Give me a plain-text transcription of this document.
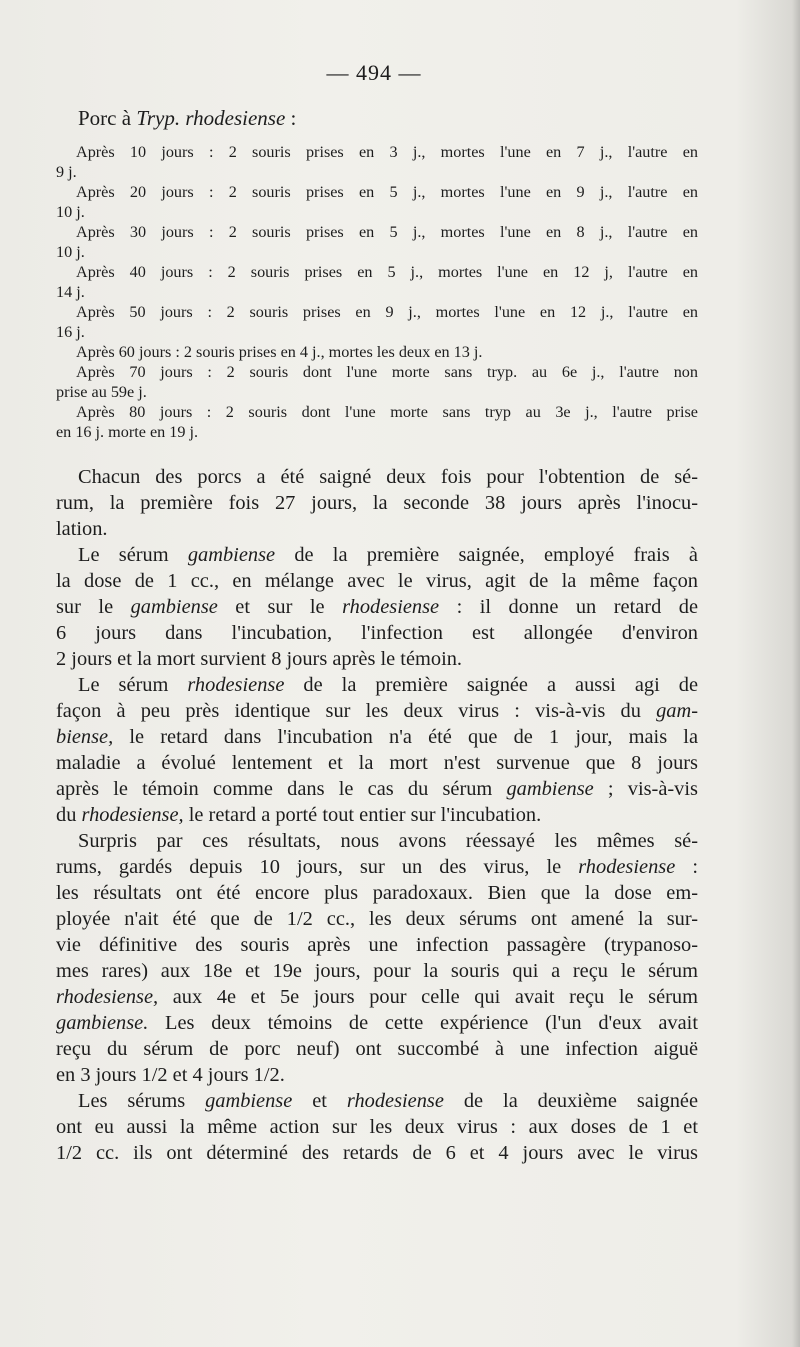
— 494 —
Porc à Tryp. rhodesiense :
Après 10 jours : 2 souris prises en 3 j., mortes l'une en 7 j., l'autre en
9 j.
Après 20 jours : 2 souris prises en 5 j., mortes l'une en 9 j., l'autre en
10 j.
Après 30 jours : 2 souris prises en 5 j., mortes l'une en 8 j., l'autre en
10 j.
Après 40 jours : 2 souris prises en 5 j., mortes l'une en 12 j, l'autre en
14 j.
Après 50 jours : 2 souris prises en 9 j., mortes l'une en 12 j., l'autre en
16 j.
Après 60 jours : 2 souris prises en 4 j., mortes les deux en 13 j.
Après 70 jours : 2 souris dont l'une morte sans tryp. au 6e j., l'autre non
prise au 59e j.
Après 80 jours : 2 souris dont l'une morte sans tryp au 3e j., l'autre prise
en 16 j. morte en 19 j.
Chacun des porcs a été saigné deux fois pour l'obtention de sé-
rum, la première fois 27 jours, la seconde 38 jours après l'inocu-
lation.
Le sérum gambiense de la première saignée, employé frais à
la dose de 1 cc., en mélange avec le virus, agit de la même façon
sur le gambiense et sur le rhodesiense : il donne un retard de
6 jours dans l'incubation, l'infection est allongée d'environ
2 jours et la mort survient 8 jours après le témoin.
Le sérum rhodesiense de la première saignée a aussi agi de
façon à peu près identique sur les deux virus : vis-à-vis du gam-
biense, le retard dans l'incubation n'a été que de 1 jour, mais la
maladie a évolué lentement et la mort n'est survenue que 8 jours
après le témoin comme dans le cas du sérum gambiense ; vis-à-vis
du rhodesiense, le retard a porté tout entier sur l'incubation.
Surpris par ces résultats, nous avons réessayé les mêmes sé-
rums, gardés depuis 10 jours, sur un des virus, le rhodesiense :
les résultats ont été encore plus paradoxaux. Bien que la dose em-
ployée n'ait été que de 1/2 cc., les deux sérums ont amené la sur-
vie définitive des souris après une infection passagère (trypanoso-
mes rares) aux 18e et 19e jours, pour la souris qui a reçu le sérum
rhodesiense, aux 4e et 5e jours pour celle qui avait reçu le sérum
gambiense. Les deux témoins de cette expérience (l'un d'eux avait
reçu du sérum de porc neuf) ont succombé à une infection aiguë
en 3 jours 1/2 et 4 jours 1/2.
Les sérums gambiense et rhodesiense de la deuxième saignée
ont eu aussi la même action sur les deux virus : aux doses de 1 et
1/2 cc. ils ont déterminé des retards de 6 et 4 jours avec le virus
